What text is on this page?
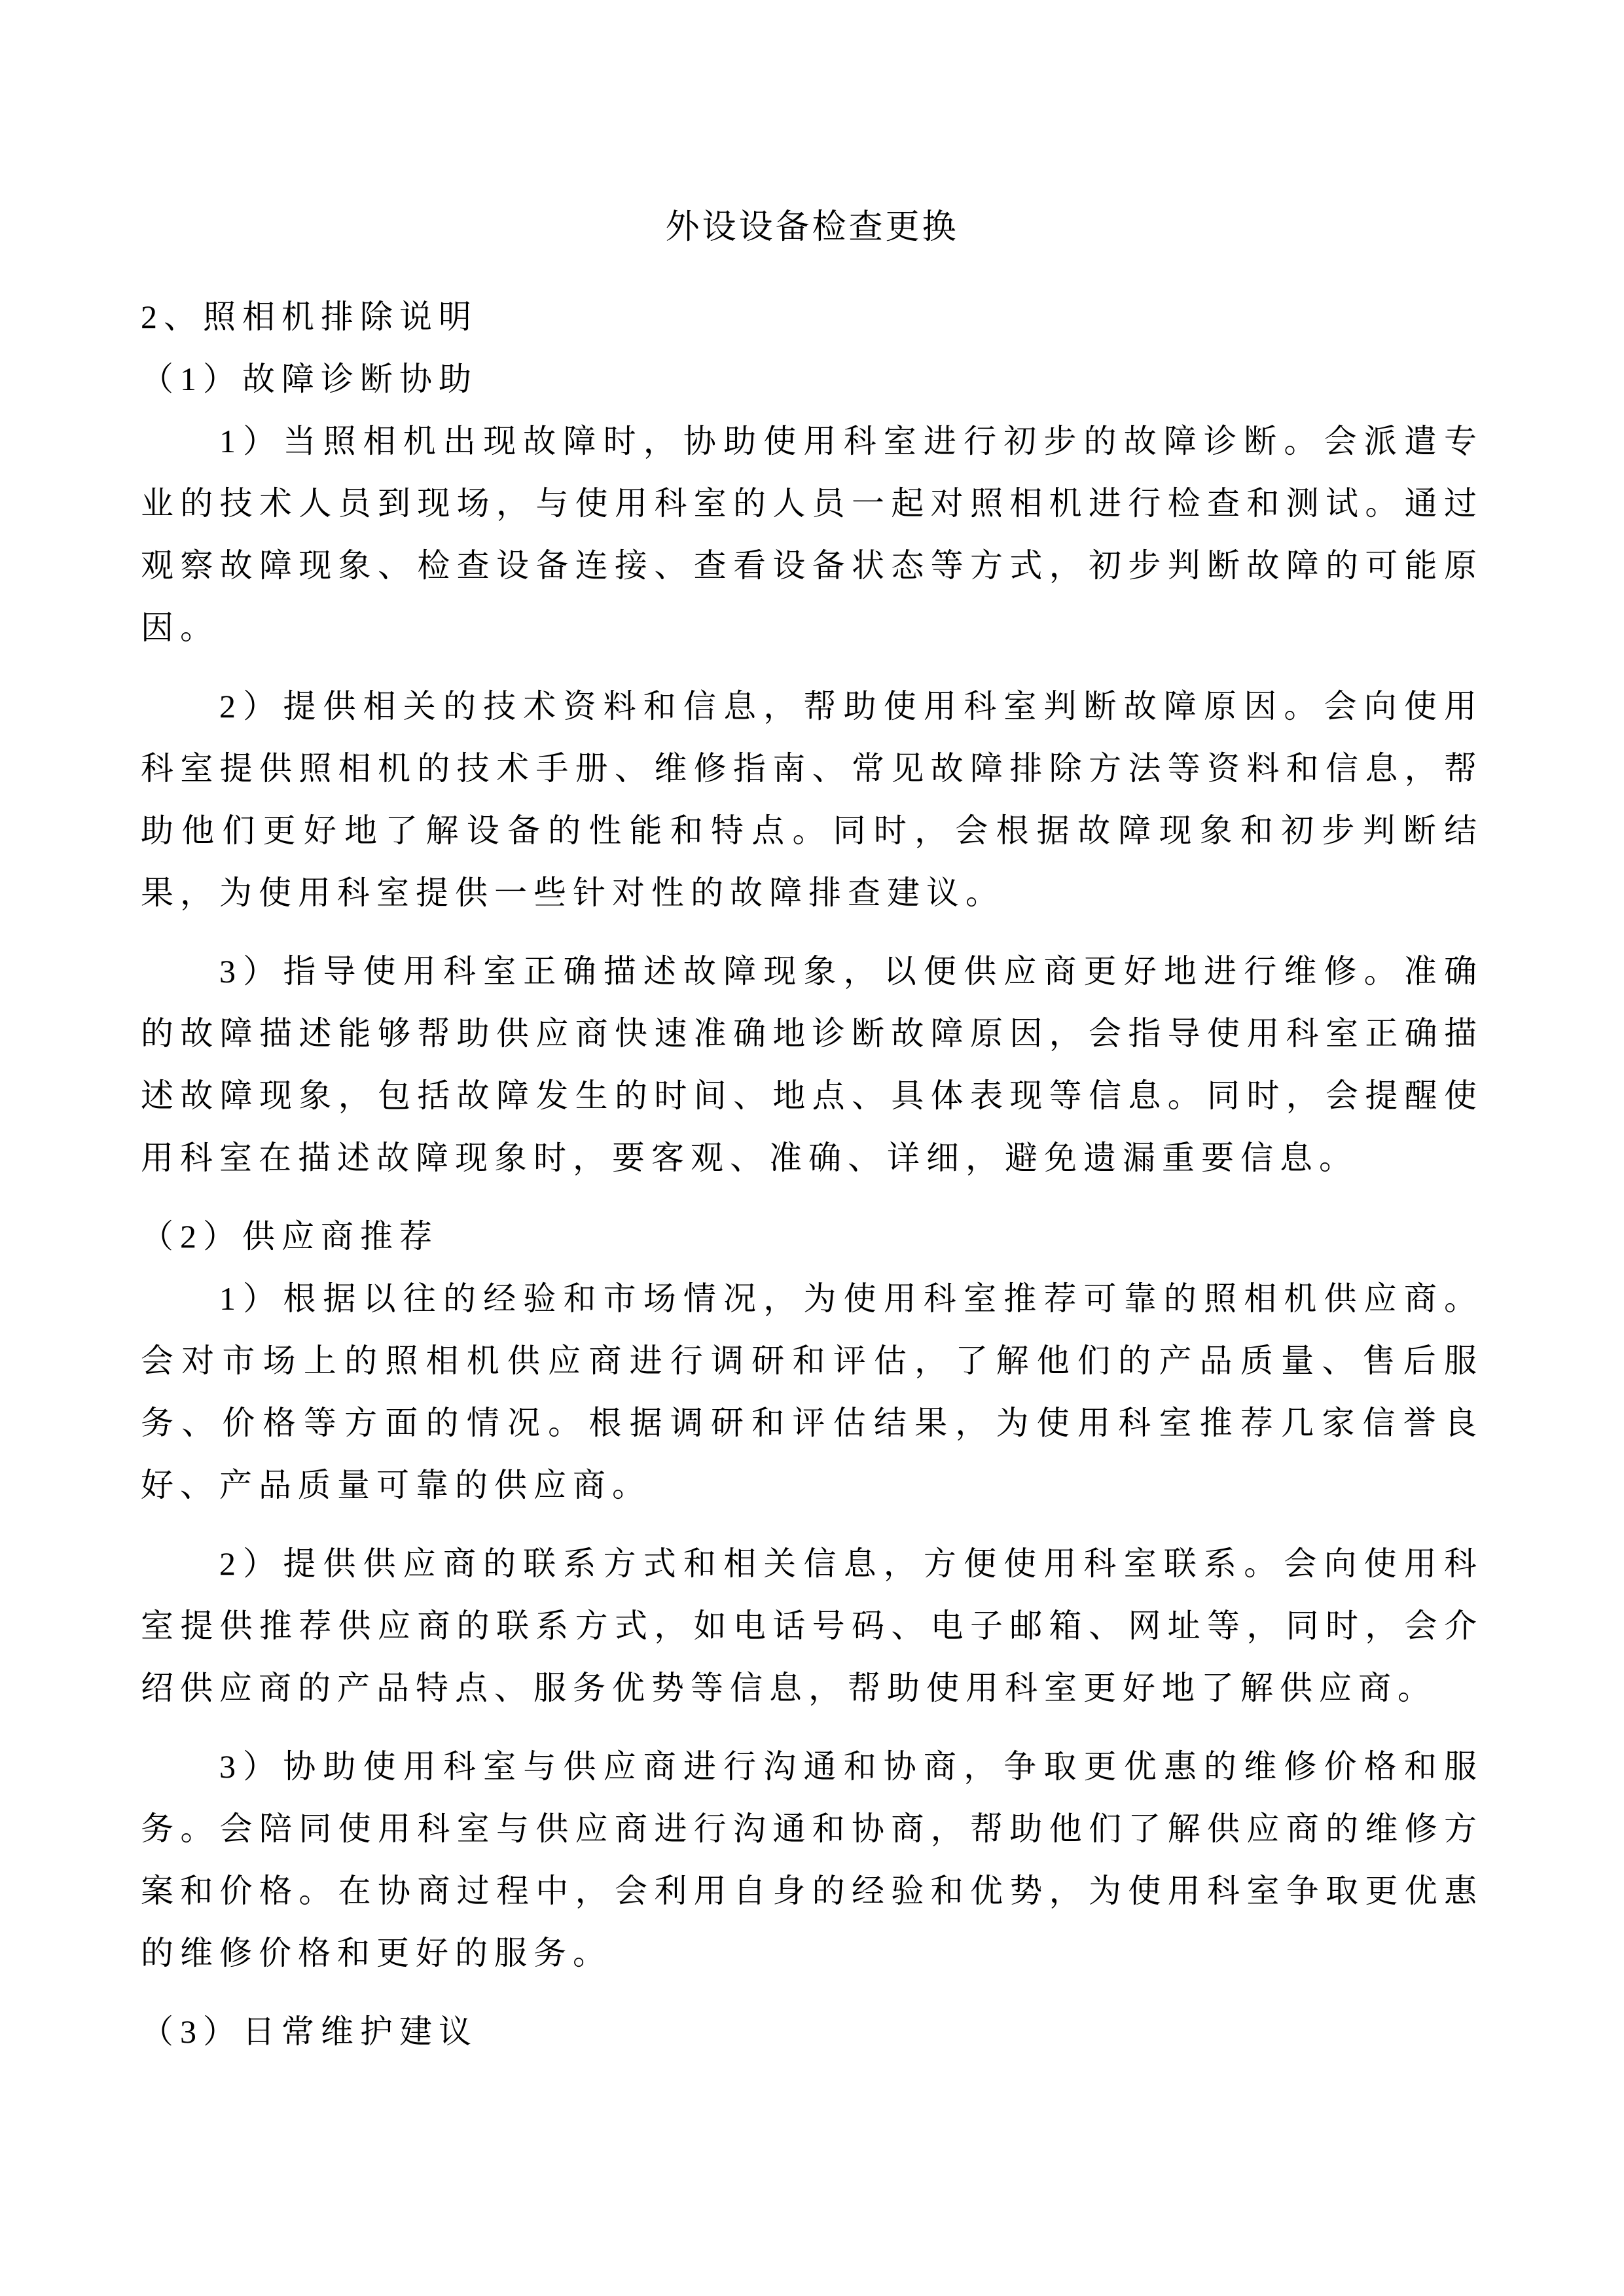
外设设备检查更换

2、照相机排除说明

（1）故障诊断协助

1）当照相机出现故障时，协助使用科室进行初步的故障诊断。会派遣专业的技术人员到现场，与使用科室的人员一起对照相机进行检查和测试。通过观察故障现象、检查设备连接、查看设备状态等方式，初步判断故障的可能原因。

2）提供相关的技术资料和信息，帮助使用科室判断故障原因。会向使用科室提供照相机的技术手册、维修指南、常见故障排除方法等资料和信息，帮助他们更好地了解设备的性能和特点。同时，会根据故障现象和初步判断结果，为使用科室提供一些针对性的故障排查建议。

3）指导使用科室正确描述故障现象，以便供应商更好地进行维修。准确的故障描述能够帮助供应商快速准确地诊断故障原因，会指导使用科室正确描述故障现象，包括故障发生的时间、地点、具体表现等信息。同时，会提醒使用科室在描述故障现象时，要客观、准确、详细，避免遗漏重要信息。

（2）供应商推荐

1）根据以往的经验和市场情况，为使用科室推荐可靠的照相机供应商。会对市场上的照相机供应商进行调研和评估，了解他们的产品质量、售后服务、价格等方面的情况。根据调研和评估结果，为使用科室推荐几家信誉良好、产品质量可靠的供应商。

2）提供供应商的联系方式和相关信息，方便使用科室联系。会向使用科室提供推荐供应商的联系方式，如电话号码、电子邮箱、网址等，同时，会介绍供应商的产品特点、服务优势等信息，帮助使用科室更好地了解供应商。

3）协助使用科室与供应商进行沟通和协商，争取更优惠的维修价格和服务。会陪同使用科室与供应商进行沟通和协商，帮助他们了解供应商的维修方案和价格。在协商过程中，会利用自身的经验和优势，为使用科室争取更优惠的维修价格和更好的服务。

（3）日常维护建议
